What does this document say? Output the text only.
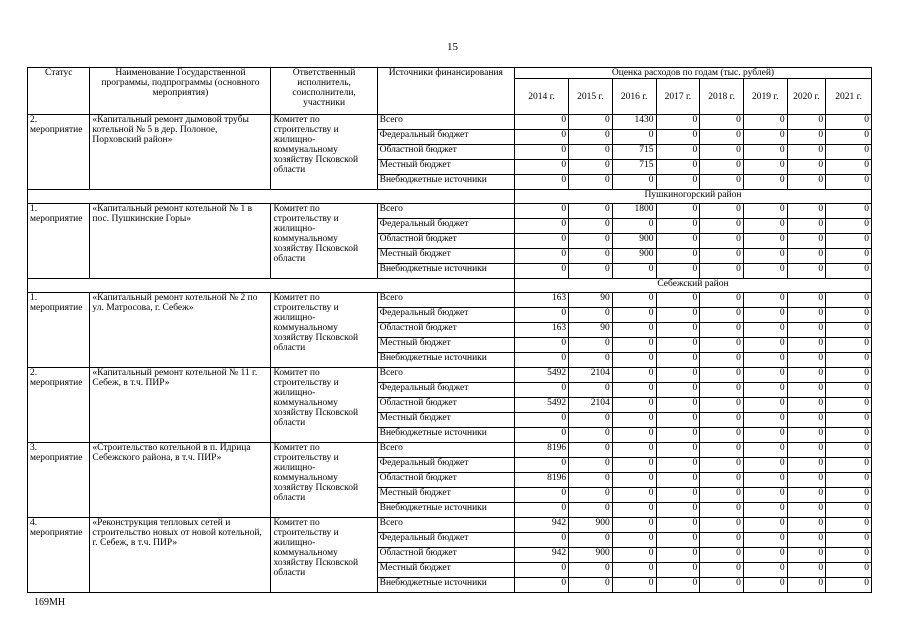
15
Статус	Наименование Государственной программы, подпрограммы (основного мероприятия)	Ответственный исполнитель, соисполнители, участники	Источники финансирования	Оценка расходов по годам (тыс. рублей)							
				2014 г.	2015 г.	2016 г.	2017 г.	2018 г.	2019 г.	2020 г.	2021 г.
2. мероприятие	«Капитальный ремонт дымовой трубы котельной № 5 в дер. Полоное, Порховский район»	Комитет по строительству и жилищно-коммунальному хозяйству Псковской области	Всего	0	0	1430	0	0	0	0	0
			Федеральный бюджет	0	0	0	0	0	0	0	0
			Областной бюджет	0	0	715	0	0	0	0	0
			Местный бюджет	0	0	715	0	0	0	0	0
			Внебюджетные источники	0	0	0	0	0	0	0	0
				Пушкиногорский район							
1. мероприятие	«Капитальный ремонт котельной № 1 в пос. Пушкинские Горы»	Комитет по строительству и жилищно-коммунальному хозяйству Псковской области	Всего	0	0	1800	0	0	0	0	0
			Федеральный бюджет	0	0	0	0	0	0	0	0
			Областной бюджет	0	0	900	0	0	0	0	0
			Местный бюджет	0	0	900	0	0	0	0	0
			Внебюджетные источники	0	0	0	0	0	0	0	0
				Себежский район							
1. мероприятие	«Капитальный ремонт котельной № 2 по ул. Матросова, г. Себеж»	Комитет по строительству и жилищно-коммунальному хозяйству Псковской области	Всего	163	90	0	0	0	0	0	0
			Федеральный бюджет	0	0	0	0	0	0	0	0
			Областной бюджет	163	90	0	0	0	0	0	0
			Местный бюджет	0	0	0	0	0	0	0	0
			Внебюджетные источники	0	0	0	0	0	0	0	0
2. мероприятие	«Капитальный ремонт котельной № 11 г. Себеж, в т.ч. ПИР»	Комитет по строительству и жилищно-коммунальному хозяйству Псковской области	Всего	5492	2104	0	0	0	0	0	0
			Федеральный бюджет	0	0	0	0	0	0	0	0
			Областной бюджет	5492	2104	0	0	0	0	0	0
			Местный бюджет	0	0	0	0	0	0	0	0
			Внебюджетные источники	0	0	0	0	0	0	0	0
3. мероприятие	«Строительство котельной в п. Идрица Себежского района, в т.ч. ПИР»	Комитет по строительству и жилищно-коммунальному хозяйству Псковской области	Всего	8196	0	0	0	0	0	0	0
			Федеральный бюджет	0	0	0	0	0	0	0	0
			Областной бюджет	8196	0	0	0	0	0	0	0
			Местный бюджет	0	0	0	0	0	0	0	0
			Внебюджетные источники	0	0	0	0	0	0	0	0
4. мероприятие	«Реконструкция тепловых сетей и строительство новых от новой котельной, г. Себеж, в т.ч. ПИР»	Комитет по строительству и жилищно-коммунальному хозяйству Псковской области	Всего	942	900	0	0	0	0	0	0
			Федеральный бюджет	0	0	0	0	0	0	0	0
			Областной бюджет	942	900	0	0	0	0	0	0
			Местный бюджет	0	0	0	0	0	0	0	0
			Внебюджетные источники	0	0	0	0	0	0	0	0
169МН
